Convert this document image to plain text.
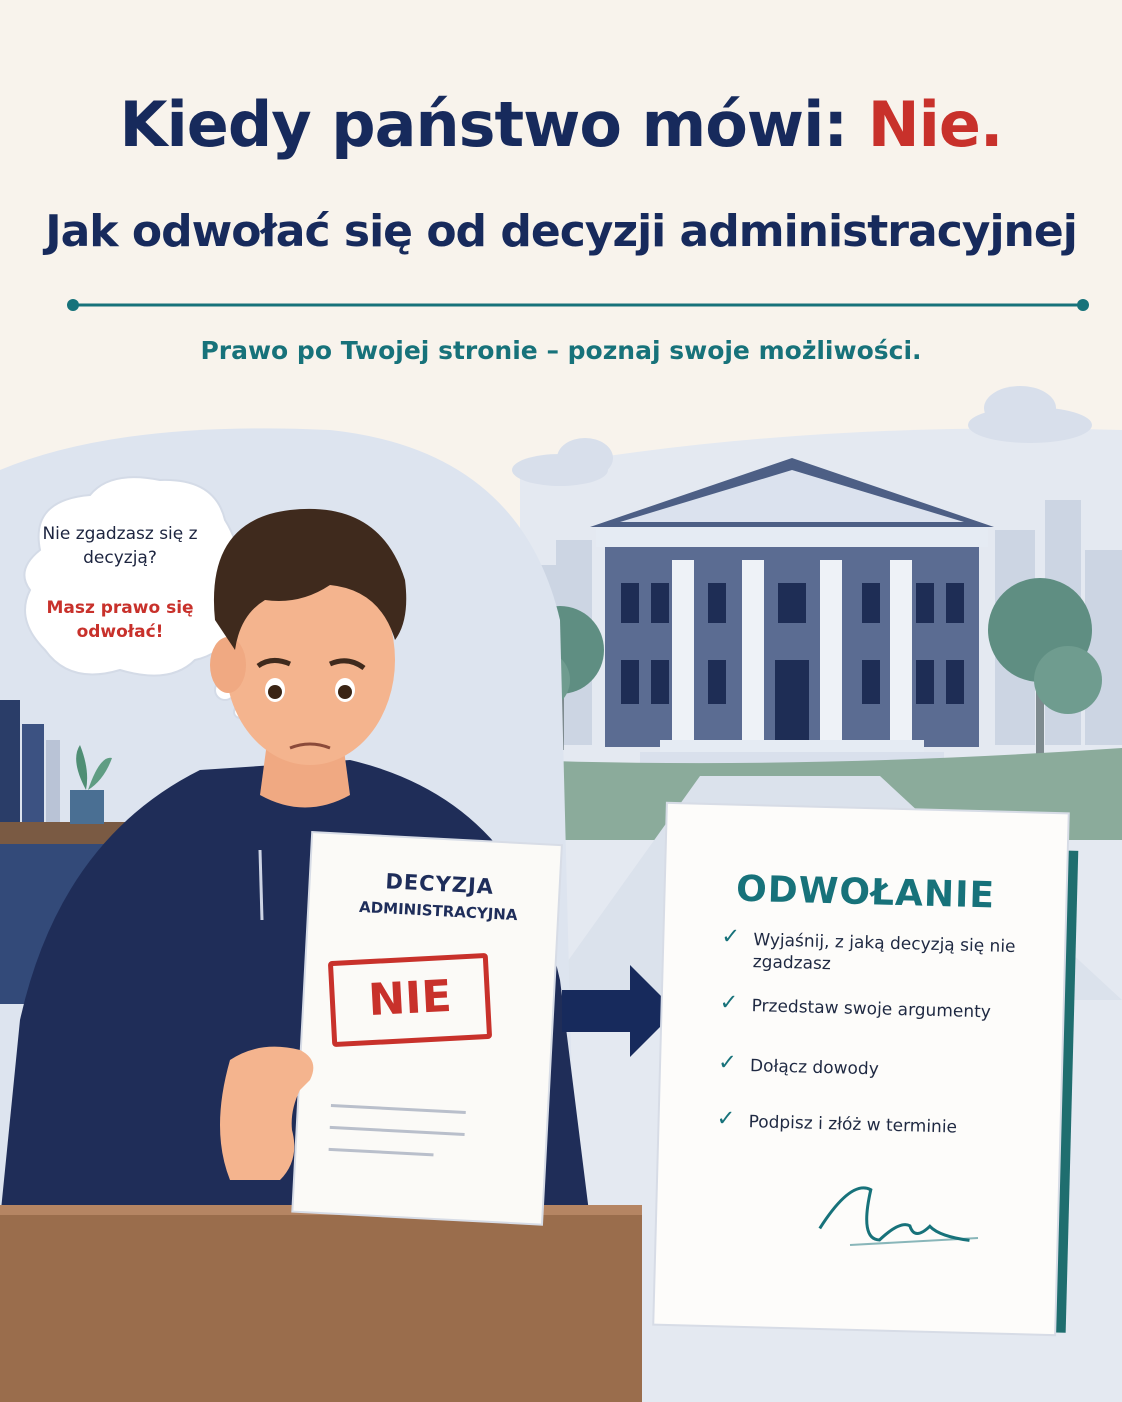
Kiedy państwo mówi: Nie.
Jak odwołać się od decyzji administracyjnej

Prawo po Twojej stronie – poznaj swoje możliwości.

Nie zgadzasz się z decyzją?
Masz prawo się odwołać!
DECYZJA
ADMINISTRACYJNA
NIE
ODWOŁANIE
✓ Wyjaśnij, z jaką decyzją się nie zgadzasz
✓ Przedstaw swoje argumenty
✓ Dołącz dowody
✓ Podpisz i złóż w terminie
